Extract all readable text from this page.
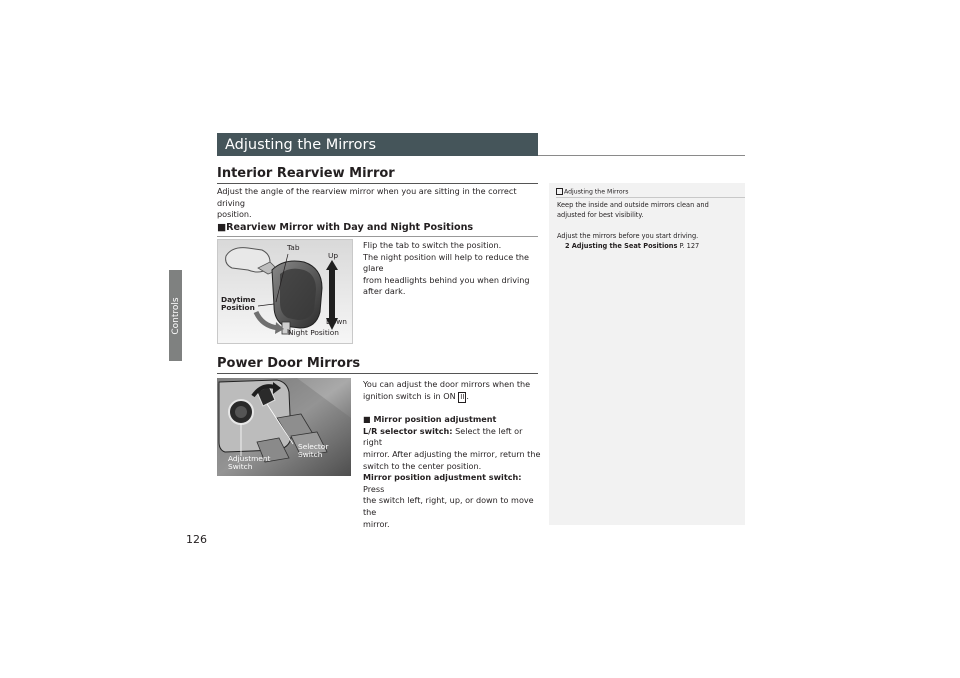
Controls
126
Adjusting the Mirrors
Interior Rearview Mirror
Adjust the angle of the rearview mirror when you are sitting in the correct driving
position.
■Rearview Mirror with Day and Night Positions
Tab
Up
Daytime
Position
Down
Night Position
Flip the tab to switch the position.
The night position will help to reduce the glare
from headlights behind you when driving
after dark.
Power Door Mirrors
Selector
Switch
Adjustment
Switch
You can adjust the door mirrors when the
ignition switch is in ON II .
■ Mirror position adjustment
L/R selector switch: Select the left or right
mirror. After adjusting the mirror, return the
switch to the center position.
Mirror position adjustment switch: Press
the switch left, right, up, or down to move the
mirror.
Adjusting the Mirrors
Keep the inside and outside mirrors clean and
adjusted for best visibility.
Adjust the mirrors before you start driving.
2 Adjusting the Seat Positions P. 127
